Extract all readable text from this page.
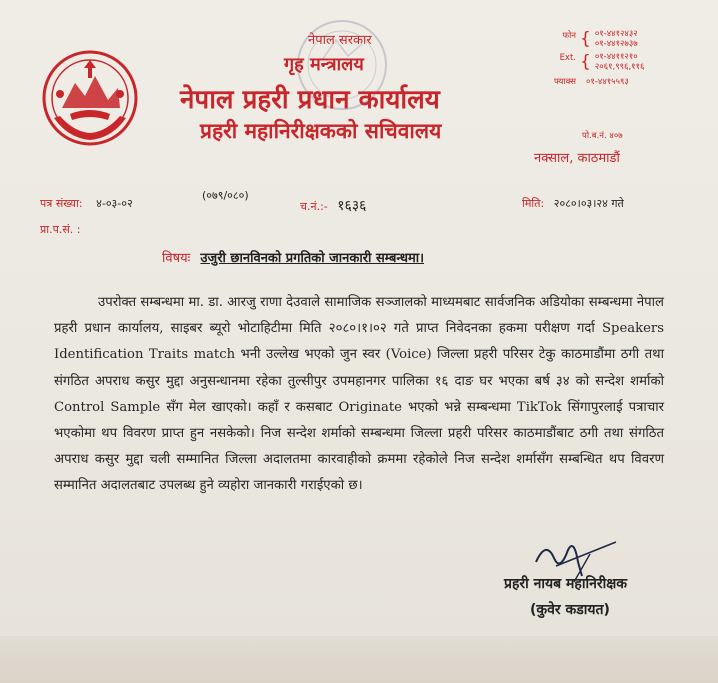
नेपाल सरकार
गृह मन्त्रालय
नेपाल प्रहरी प्रधान कार्यालय
प्रहरी महानिरीक्षकको सचिवालय
फोन { ०१-४४१२४३२
०१-४४१२७३७
Ext. { ०१-४४११२१०
२०६१,९९६,११६
फ्याक्स ०१-४४१५५९३
पो.ब.नं. ४०७
नक्साल, काठमाडौं
पत्र संख्या: ४-०३-०२
(०७९/०८०)
च.नं.:- १६३६	मिति: २०८०।०३।२४ गते
प्रा.प.सं. :
विषयः उजुरी छानविनको प्रगतिको जानकारी सम्बन्धमा।
उपरोक्त सम्बन्धमा मा. डा. आरजु राणा देउवाले सामाजिक सञ्जालको माध्यमबाट सार्वजनिक अडियोका सम्बन्धमा नेपाल प्रहरी प्रधान कार्यालय, साइबर ब्यूरो भोटाहिटीमा मिति २०८०।१।०२ गते प्राप्त निवेदनका हकमा परीक्षण गर्दा Speakers Identification Traits match भनी उल्लेख भएको जुन स्वर (Voice) जिल्ला प्रहरी परिसर टेकु काठमाडौंमा ठगी तथा संगठित अपराध कसुर मुद्दा अनुसन्धानमा रहेका तुल्सीपुर उपमहानगर पालिका १६ दाङ घर भएका बर्ष ३४ को सन्देश शर्माको Control Sample सँग मेल खाएको। कहाँ र कसबाट Originate भएको भन्ने सम्बन्धमा TikTok सिंगापुरलाई पत्राचार भएकोमा थप विवरण प्राप्त हुन नसकेको। निज सन्देश शर्माको सम्बन्धमा जिल्ला प्रहरी परिसर काठमाडौंबाट ठगी तथा संगठित अपराध कसुर मुद्दा चली सम्मानित जिल्ला अदालतमा कारवाहीको क्रममा रहेकोले निज सन्देश शर्मासँग सम्बन्धित थप विवरण सम्मानित अदालतबाट उपलब्ध हुने व्यहोरा जानकारी गराईएको छ।
प्रहरी नायब महानिरीक्षक
(कुवेर कडायत)
